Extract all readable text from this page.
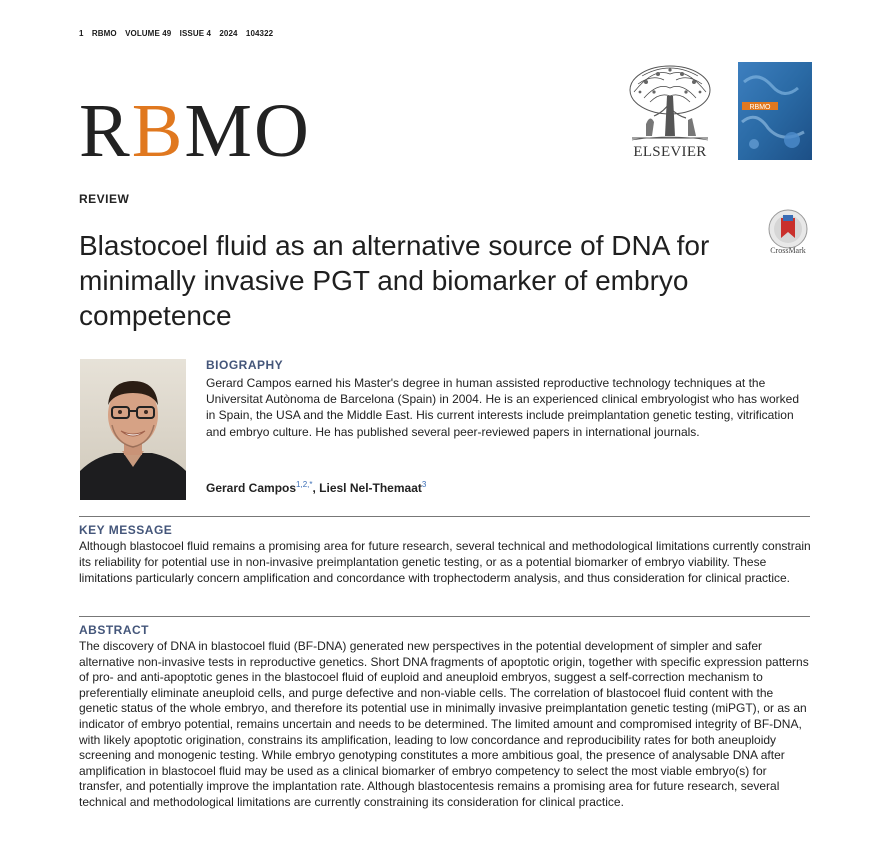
1 RBMO VOLUME 49 ISSUE 4 2024 104322
RBMO	ELSEVIER
RBMO
REVIEW
CrossMark
Blastocoel fluid as an alternative source of DNA for minimally invasive PGT and biomarker of embryo competence
BIOGRAPHY
Gerard Campos earned his Master's degree in human assisted reproductive technology techniques at the Universitat Autònoma de Barcelona (Spain) in 2004. He is an experienced clinical embryologist who has worked in Spain, the USA and the Middle East. His current interests include preimplantation genetic testing, vitrification and embryo culture. He has published several peer-reviewed papers in international journals.
Gerard Campos$^{1,2,*}$, Liesl Nel-Themaat$^3$
KEY MESSAGE
Although blastocoel fluid remains a promising area for future research, several technical and methodological limitations currently constrain its reliability for potential use in non-invasive preimplantation genetic testing, or as a potential biomarker of embryo viability. These limitations particularly concern amplification and concordance with trophectoderm analysis, and thus consideration for clinical practice.
ABSTRACT
The discovery of DNA in blastocoel fluid (BF-DNA) generated new perspectives in the potential development of simpler and safer alternative non-invasive tests in reproductive genetics. Short DNA fragments of apoptotic origin, together with specific expression patterns of pro- and anti-apoptotic genes in the blastocoel fluid of euploid and aneuploid embryos, suggest a self-correction mechanism to preferentially eliminate aneuploid cells, and purge defective and non-viable cells. The correlation of blastocoel fluid content with the genetic status of the whole embryo, and therefore its potential use in minimally invasive preimplantation genetic testing (miPGT), or as an indicator of embryo potential, remains uncertain and needs to be determined. The limited amount and compromised integrity of BF-DNA, with likely apoptotic origination, constrains its amplification, leading to low concordance and reproducibility rates for both aneuploidy screening and monogenic testing. While embryo genotyping constitutes a more ambitious goal, the presence of analysable DNA after amplification in blastocoel fluid may be used as a clinical biomarker of embryo competency to select the most viable embryo(s) for transfer, and potentially improve the implantation rate. Although blastocentesis remains a promising area for future research, several technical and methodological limitations are currently constraining its consideration for clinical practice.
